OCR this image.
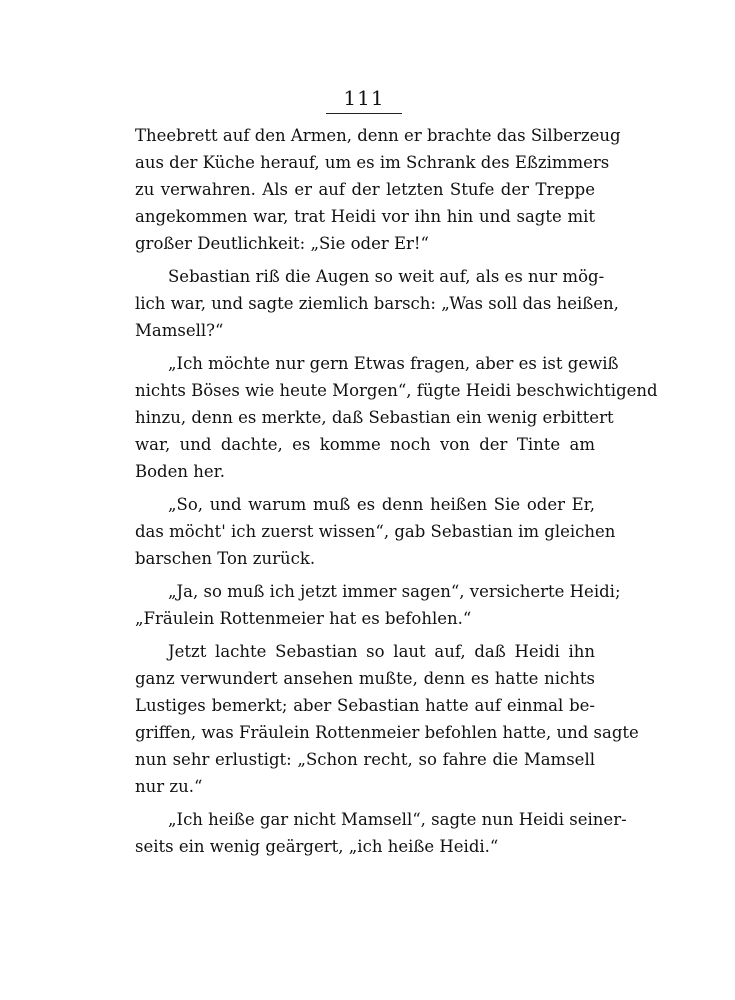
111
Theebrett auf den Armen, denn er brachte das Silberzeug
aus der Küche herauf, um es im Schrank des Eßzimmers
zu verwahren. Als er auf der letzten Stufe der Treppe
angekommen war, trat Heidi vor ihn hin und sagte mit
großer Deutlichkeit: „Sie oder Er!“
Sebastian riß die Augen so weit auf, als es nur mög-
lich war, und sagte ziemlich barsch: „Was soll das heißen,
Mamsell?“
„Ich möchte nur gern Etwas fragen, aber es ist gewiß
nichts Böses wie heute Morgen“, fügte Heidi beschwichtigend
hinzu, denn es merkte, daß Sebastian ein wenig erbittert
war, und dachte, es komme noch von der Tinte am
Boden her.
„So, und warum muß es denn heißen Sie oder Er,
das möcht' ich zuerst wissen“, gab Sebastian im gleichen
barschen Ton zurück.
„Ja, so muß ich jetzt immer sagen“, versicherte Heidi;
„Fräulein Rottenmeier hat es befohlen.“
Jetzt lachte Sebastian so laut auf, daß Heidi ihn
ganz verwundert ansehen mußte, denn es hatte nichts
Lustiges bemerkt; aber Sebastian hatte auf einmal be-
griffen, was Fräulein Rottenmeier befohlen hatte, und sagte
nun sehr erlustigt: „Schon recht, so fahre die Mamsell
nur zu.“
„Ich heiße gar nicht Mamsell“, sagte nun Heidi seiner-
seits ein wenig geärgert, „ich heiße Heidi.“
